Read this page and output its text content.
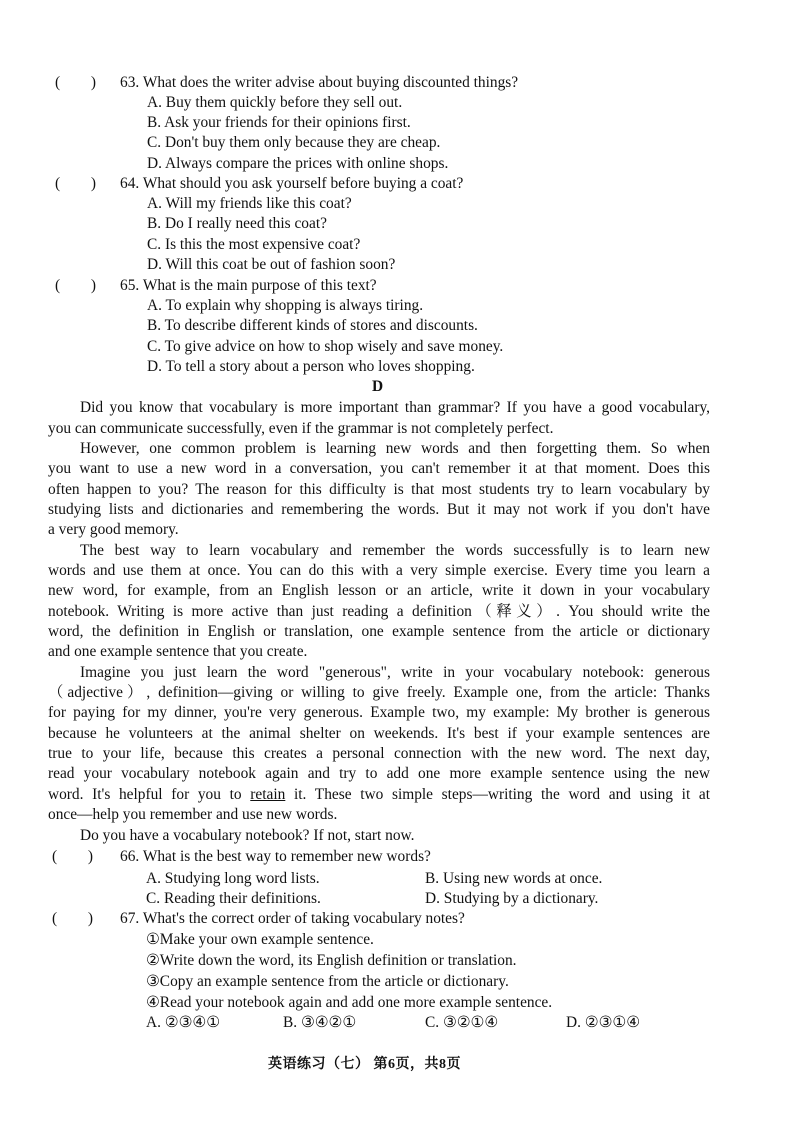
(        ) 63. What does the writer advise about buying discounted things?
A. Buy them quickly before they sell out.
B. Ask your friends for their opinions first.
C. Don't buy them only because they are cheap.
D. Always compare the prices with online shops.
(        ) 64. What should you ask yourself before buying a coat?
A. Will my friends like this coat?
B. Do I really need this coat?
C. Is this the most expensive coat?
D. Will this coat be out of fashion soon?
(        ) 65. What is the main purpose of this text?
A. To explain why shopping is always tiring.
B. To describe different kinds of stores and discounts.
C. To give advice on how to shop wisely and save money.
D. To tell a story about a person who loves shopping.
D
Did you know that vocabulary is more important than grammar? If you have a good vocabulary,
you can communicate successfully, even if the grammar is not completely perfect.
However, one common problem is learning new words and then forgetting them. So when
you want to use a new word in a conversation, you can't remember it at that moment. Does this
often happen to you? The reason for this difficulty is that most students try to learn vocabulary by
studying lists and dictionaries and remembering the words. But it may not work if you don't have
a very good memory.
The best way to learn vocabulary and remember the words successfully is to learn new
words and use them at once. You can do this with a very simple exercise. Every time you learn a
new word, for example, from an English lesson or an article, write it down in your vocabulary
notebook. Writing is more active than just reading a definition（释义）. You should write the
word, the definition in English or translation, one example sentence from the article or dictionary
and one example sentence that you create.
Imagine you just learn the word "generous", write in your vocabulary notebook: generous
（adjective）, definition—giving or willing to give freely. Example one, from the article: Thanks
for paying for my dinner, you're very generous. Example two, my example: My brother is generous
because he volunteers at the animal shelter on weekends. It's best if your example sentences are
true to your life, because this creates a personal connection with the new word. The next day,
read your vocabulary notebook again and try to add one more example sentence using the new
word. It's helpful for you to retain it. These two simple steps—writing the word and using it at
once—help you remember and use new words.
Do you have a vocabulary notebook? If not, start now.
(        ) 66. What is the best way to remember new words?
A. Studying long word lists.	B. Using new words at once.
C. Reading their definitions.	D. Studying by a dictionary.
(        ) 67. What's the correct order of taking vocabulary notes?
①Make your own example sentence.
②Write down the word, its English definition or translation.
③Copy an example sentence from the article or dictionary.
④Read your notebook again and add one more example sentence.
A. ②③④①	B. ③④②①	C. ③②①④	D. ②③①④
英语练习（七） 第6页，共8页
